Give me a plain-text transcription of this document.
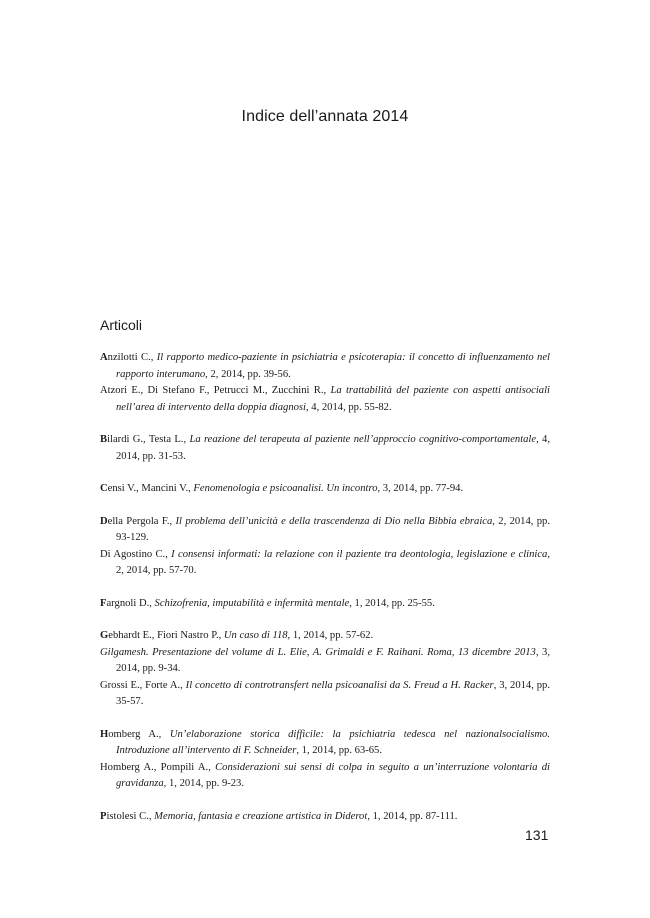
Indice dell’annata 2014
Articoli

Anzilotti C., Il rapporto medico-paziente in psichiatria e psicoterapia: il concetto di influenzamento nel rapporto interumano, 2, 2014, pp. 39-56.

Atzori E., Di Stefano F., Petrucci M., Zucchini R., La trattabilità del paziente con aspetti antisociali nell’area di intervento della doppia diagnosi, 4, 2014, pp. 55-82.

Bilardi G., Testa L., La reazione del terapeuta al paziente nell’approccio cognitivo-comportamentale, 4, 2014, pp. 31-53.

Censi V., Mancini V., Fenomenologia e psicoanalisi. Un incontro, 3, 2014, pp. 77-94.

Della Pergola F., Il problema dell’unicità e della trascendenza di Dio nella Bibbia ebraica, 2, 2014, pp. 93-129.

Di Agostino C., I consensi informati: la relazione con il paziente tra deontologia, legislazione e clinica, 2, 2014, pp. 57-70.

Fargnoli D., Schizofrenia, imputabilità e infermità mentale, 1, 2014, pp. 25-55.

Gebhardt E., Fiori Nastro P., Un caso di 118, 1, 2014, pp. 57-62.

Gilgamesh. Presentazione del volume di L. Elie, A. Grimaldi e F. Raihani. Roma, 13 dicembre 2013, 3, 2014, pp. 9-34.

Grossi E., Forte A., Il concetto di controtransfert nella psicoanalisi da S. Freud a H. Racker, 3, 2014, pp. 35-57.

Homberg A., Un’elaborazione storica difficile: la psichiatria tedesca nel nazionalsocialismo. Introduzione all’intervento di F. Schneider, 1, 2014, pp. 63-65.

Homberg A., Pompili A., Considerazioni sui sensi di colpa in seguito a un’interruzione volontaria di gravidanza, 1, 2014, pp. 9-23.

Pistolesi C., Memoria, fantasia e creazione artistica in Diderot, 1, 2014, pp. 87-111.

131
